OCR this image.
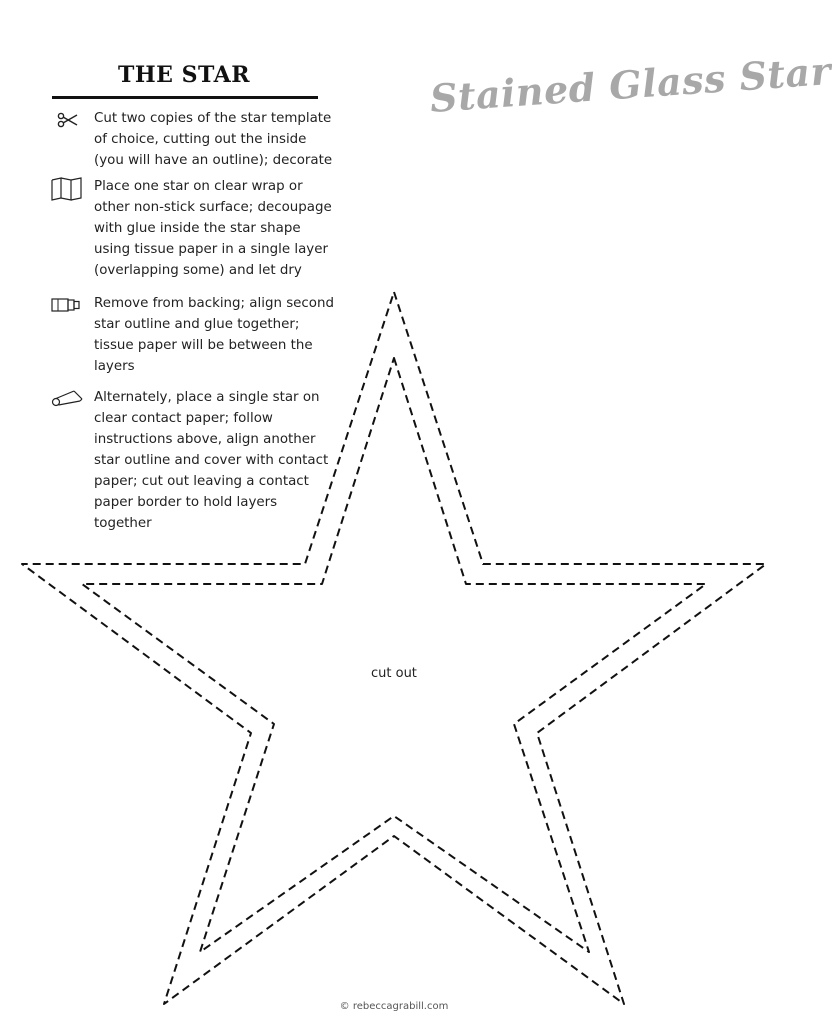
THE STAR	Stained Glass Star
Cut two copies of the star template of choice, cutting out the inside (you will have an outline); decorate
Place one star on clear wrap or other non-stick surface; decoupage with glue inside the star shape using tissue paper in a single layer (overlapping some) and let dry
Remove from backing; align second star outline and glue together; tissue paper will be between the layers
Alternately, place a single star on clear contact paper; follow instructions above, align another star outline and cover with contact paper; cut out leaving a contact paper border to hold layers together
cut out
© rebeccagrabill.com
